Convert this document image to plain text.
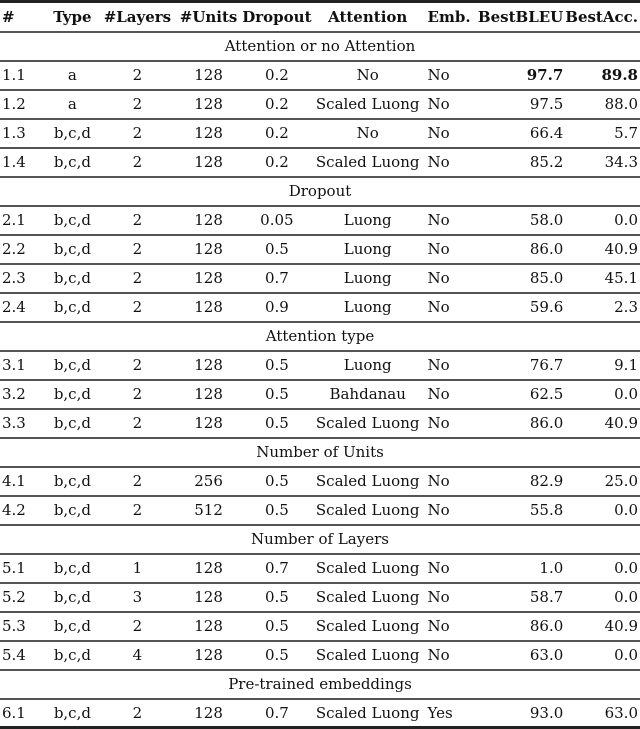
#	Type	#Layers	#Units	Dropout	Attention	Emb.	BestBLEU	BestAcc.
Attention or no Attention								
1.1	a	2	128	0.2	No	No	97.7	89.8
1.2	a	2	128	0.2	Scaled Luong	No	97.5	88.0
1.3	b,c,d	2	128	0.2	No	No	66.4	5.7
1.4	b,c,d	2	128	0.2	Scaled Luong	No	85.2	34.3
Dropout								
2.1	b,c,d	2	128	0.05	Luong	No	58.0	0.0
2.2	b,c,d	2	128	0.5	Luong	No	86.0	40.9
2.3	b,c,d	2	128	0.7	Luong	No	85.0	45.1
2.4	b,c,d	2	128	0.9	Luong	No	59.6	2.3
Attention type								
3.1	b,c,d	2	128	0.5	Luong	No	76.7	9.1
3.2	b,c,d	2	128	0.5	Bahdanau	No	62.5	0.0
3.3	b,c,d	2	128	0.5	Scaled Luong	No	86.0	40.9
Number of Units								
4.1	b,c,d	2	256	0.5	Scaled Luong	No	82.9	25.0
4.2	b,c,d	2	512	0.5	Scaled Luong	No	55.8	0.0
Number of Layers								
5.1	b,c,d	1	128	0.7	Scaled Luong	No	1.0	0.0
5.2	b,c,d	3	128	0.5	Scaled Luong	No	58.7	0.0
5.3	b,c,d	2	128	0.5	Scaled Luong	No	86.0	40.9
5.4	b,c,d	4	128	0.5	Scaled Luong	No	63.0	0.0
Pre-trained embeddings								
6.1	b,c,d	2	128	0.7	Scaled Luong	Yes	93.0	63.0
